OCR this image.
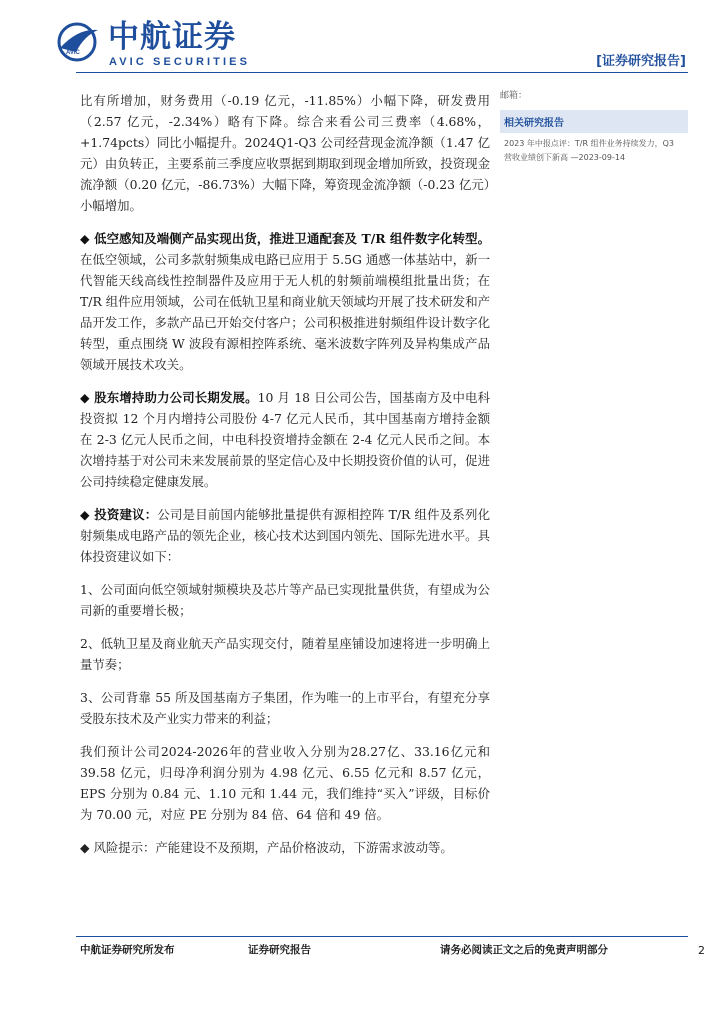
AVIC 中航证券
AVIC SECURITIES	[证券研究报告]

比有所增加，财务费用（-0.19 亿元，-11.85%）小幅下降，研发费用（2.57 亿元，-2.34%）略有下降。综合来看公司三费率（4.68%，+1.74pcts）同比小幅提升。2024Q1-Q3 公司经营现金流净额（1.47 亿元）由负转正，主要系前三季度应收票据到期取到现金增加所致，投资现金流净额（0.20 亿元，-86.73%）大幅下降，筹资现金流净额（-0.23 亿元）小幅增加。

◆ 低空感知及端侧产品实现出货，推进卫通配套及 T/R 组件数字化转型。在低空领域，公司多款射频集成电路已应用于 5.5G 通感一体基站中，新一代智能天线高线性控制器件及应用于无人机的射频前端模组批量出货；在 T/R 组件应用领域，公司在低轨卫星和商业航天领域均开展了技术研发和产品开发工作，多款产品已开始交付客户；公司积极推进射频组件设计数字化转型，重点围绕 W 波段有源相控阵系统、毫米波数字阵列及异构集成产品领域开展技术攻关。

◆ 股东增持助力公司长期发展。10 月 18 日公司公告，国基南方及中电科投资拟 12 个月内增持公司股份 4-7 亿元人民币，其中国基南方增持金额在 2-3 亿元人民币之间，中电科投资增持金额在 2-4 亿元人民币之间。本次增持基于对公司未来发展前景的坚定信心及中长期投资价值的认可，促进公司持续稳定健康发展。

◆ 投资建议：公司是目前国内能够批量提供有源相控阵 T/R 组件及系列化射频集成电路产品的领先企业，核心技术达到国内领先、国际先进水平。具体投资建议如下：

1、公司面向低空领域射频模块及芯片等产品已实现批量供货，有望成为公司新的重要增长极；

2、低轨卫星及商业航天产品实现交付，随着星座铺设加速将进一步明确上量节奏；

3、公司背靠 55 所及国基南方子集团，作为唯一的上市平台，有望充分享受股东技术及产业实力带来的利益；

我们预计公司2024-2026年的营业收入分别为28.27亿、33.16亿元和39.58 亿元，归母净利润分别为 4.98 亿元、6.55 亿元和 8.57 亿元，EPS 分别为 0.84 元、1.10 元和 1.44 元，我们维持“买入”评级，目标价为 70.00 元，对应 PE 分别为 84 倍、64 倍和 49 倍。

◆ 风险提示：产能建设不及预期，产品价格波动，下游需求波动等。

邮箱：
相关研究报告
2023 年中报点评：T/R 组件业务持续发力，Q3 营收业绩创下新高 —2023-09-14
中航证券研究所发布	证券研究报告	请务必阅读正文之后的免责声明部分	2
